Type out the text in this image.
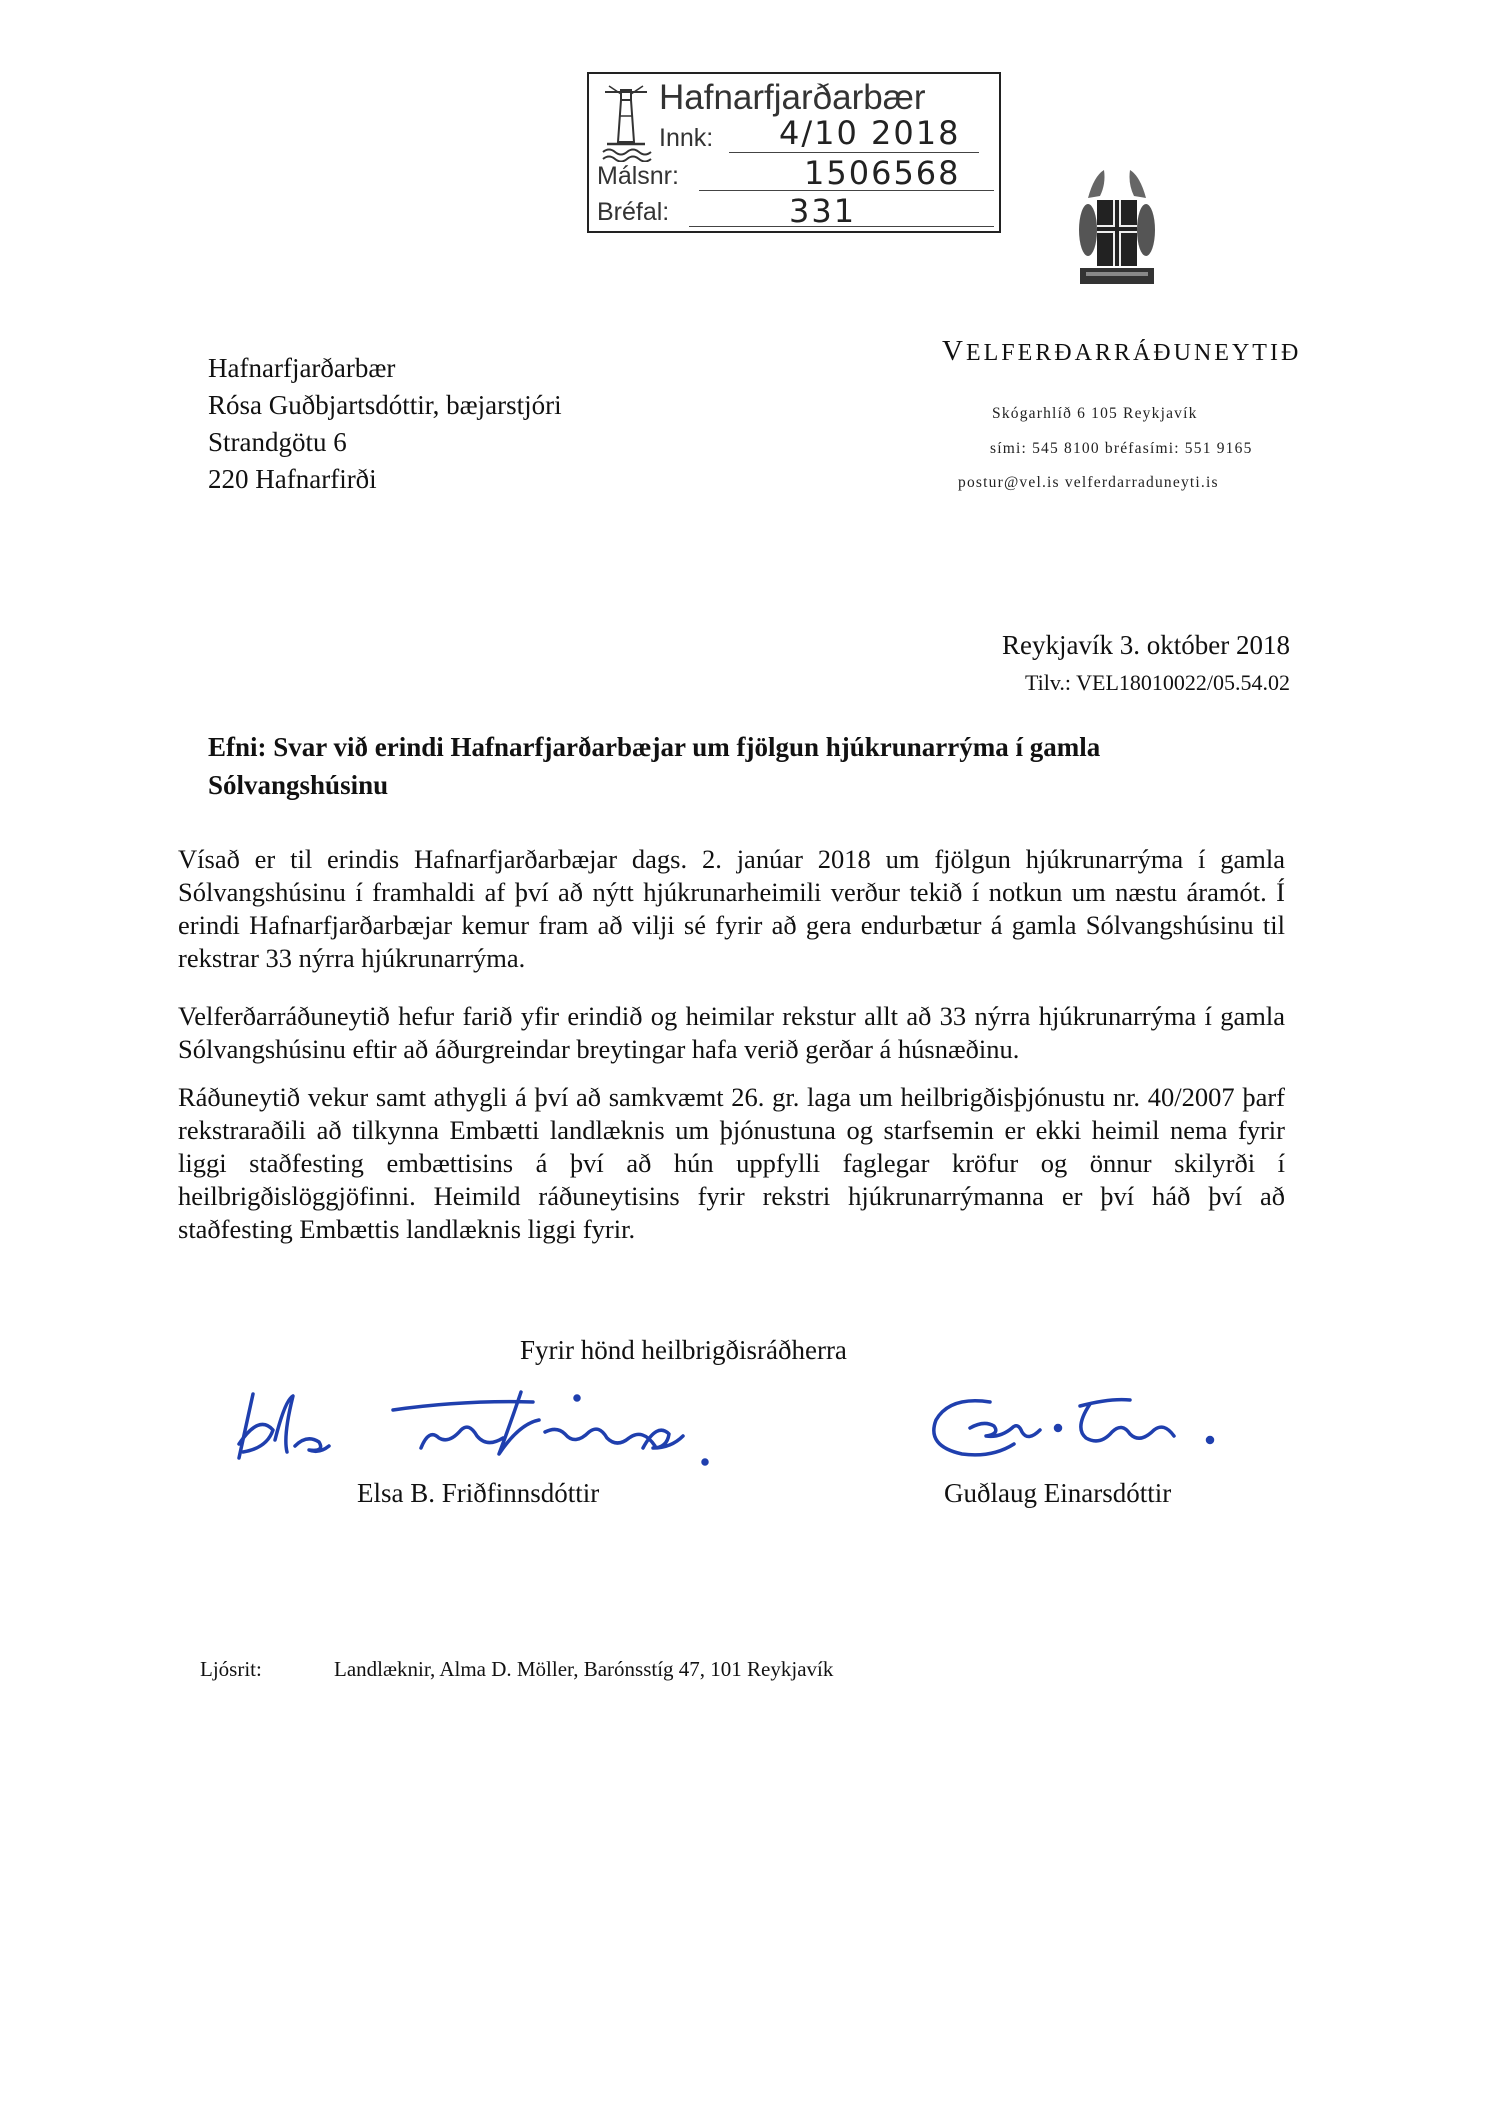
Hafnarfjarðarbær
Innk: 4/10 2018
Málsnr:	1506568
Bréfal:	331
Hafnarfjarðarbær
Rósa Guðbjartsdóttir, bæjarstjóri
Strandgötu 6
220 Hafnarfirði
VELFERÐARRÁÐUNEYTIÐ
Skógarhlíð 6 105 Reykjavík
sími: 545 8100 bréfasími: 551 9165
postur@vel.is velferdarraduneyti.is
Reykjavík 3. október 2018
Tilv.: VEL18010022/05.54.02
Efni: Svar við erindi Hafnarfjarðarbæjar um fjölgun hjúkrunarrýma í gamla
Sólvangshúsinu
Vísað er til erindis Hafnarfjarðarbæjar dags. 2. janúar 2018 um fjölgun hjúkrunarrýma í gamla Sólvangshúsinu í framhaldi af því að nýtt hjúkrunarheimili verður tekið í notkun um næstu áramót. Í erindi Hafnarfjarðarbæjar kemur fram að vilji sé fyrir að gera endurbætur á gamla Sólvangshúsinu til rekstrar 33 nýrra hjúkrunarrýma.
Velferðarráðuneytið hefur farið yfir erindið og heimilar rekstur allt að 33 nýrra hjúkrunarrýma í gamla Sólvangshúsinu eftir að áðurgreindar breytingar hafa verið gerðar á húsnæðinu.
Ráðuneytið vekur samt athygli á því að samkvæmt 26. gr. laga um heilbrigðisþjónustu nr. 40/2007 þarf rekstraraðili að tilkynna Embætti landlæknis um þjónustuna og starfsemin er ekki heimil nema fyrir liggi staðfesting embættisins á því að hún uppfylli faglegar kröfur og önnur skilyrði í heilbrigðislöggjöfinni. Heimild ráðuneytisins fyrir rekstri hjúkrunarrýmanna er því háð því að staðfesting Embættis landlæknis liggi fyrir.
Fyrir hönd heilbrigðisráðherra
Elsa B. Friðfinnsdóttir	Guðlaug Einarsdóttir
Ljósrit:	Landlæknir, Alma D. Möller, Barónsstíg 47, 101 Reykjavík
